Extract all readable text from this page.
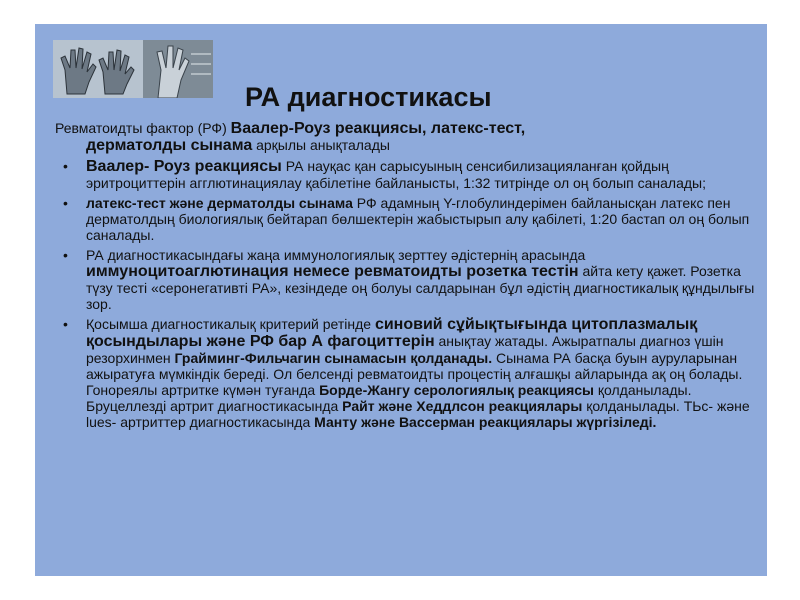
РА диагностикасы
Ревматоидты фактор (РФ) Ваалер-Роуз реакциясы, латекс-тест,
дерматолды сынама арқылы анықталады
• Ваалер- Роуз реакциясы РА науқас қан сарысуының сенсибилизацияланған қойдың эритроциттерін агглютинациялау қабілетіне байланысты, 1:32 титрінде ол оң болып саналады;
• латекс-тест және дерматолды сынама РФ адамның Y-глобулиндерімен байланысқан латекс пен дерматолдың биологиялық бейтарап бөлшектерін жабыстырып алу қабілеті, 1:20 бастап ол оң болып саналады.
• РА диагностикасындағы жаңа иммунологиялық зерттеу әдістернің арасында иммуноцитоаглютинация немесе ревматоидты розетка тестін айта кету қажет. Розетка түзу тесті «серонегативті РА», кезіндеде оң болуы салдарынан бұл әдістің диагностикалық құндылығы зор.
• Қосымша диагностикалық критерий ретінде синовий сұйықтығында цитоплазмалық қосындылары және РФ бар А фагоциттерін анықтау жатады. Ажыратпалы диагноз үшін резорхинмен Грайминг-Фильчагин сынамасын қолданады. Сынама РА басқа буын ауруларынан ажыратуға мүмкіндік береді. Ол белсенді ревматоидты процестің алғашқы айларында ақ оң болады. Гонореялы артритке күмән туғанда Борде-Жангу серологиялық реакциясы қолданылады. Бруцеллезді артрит диагностикасында Райт және Хеддлсон реакциялары қолданылады. ТЬс- және lues- артриттер диагностикасында Манту және Вассерман реакциялары жүргізіледі.
